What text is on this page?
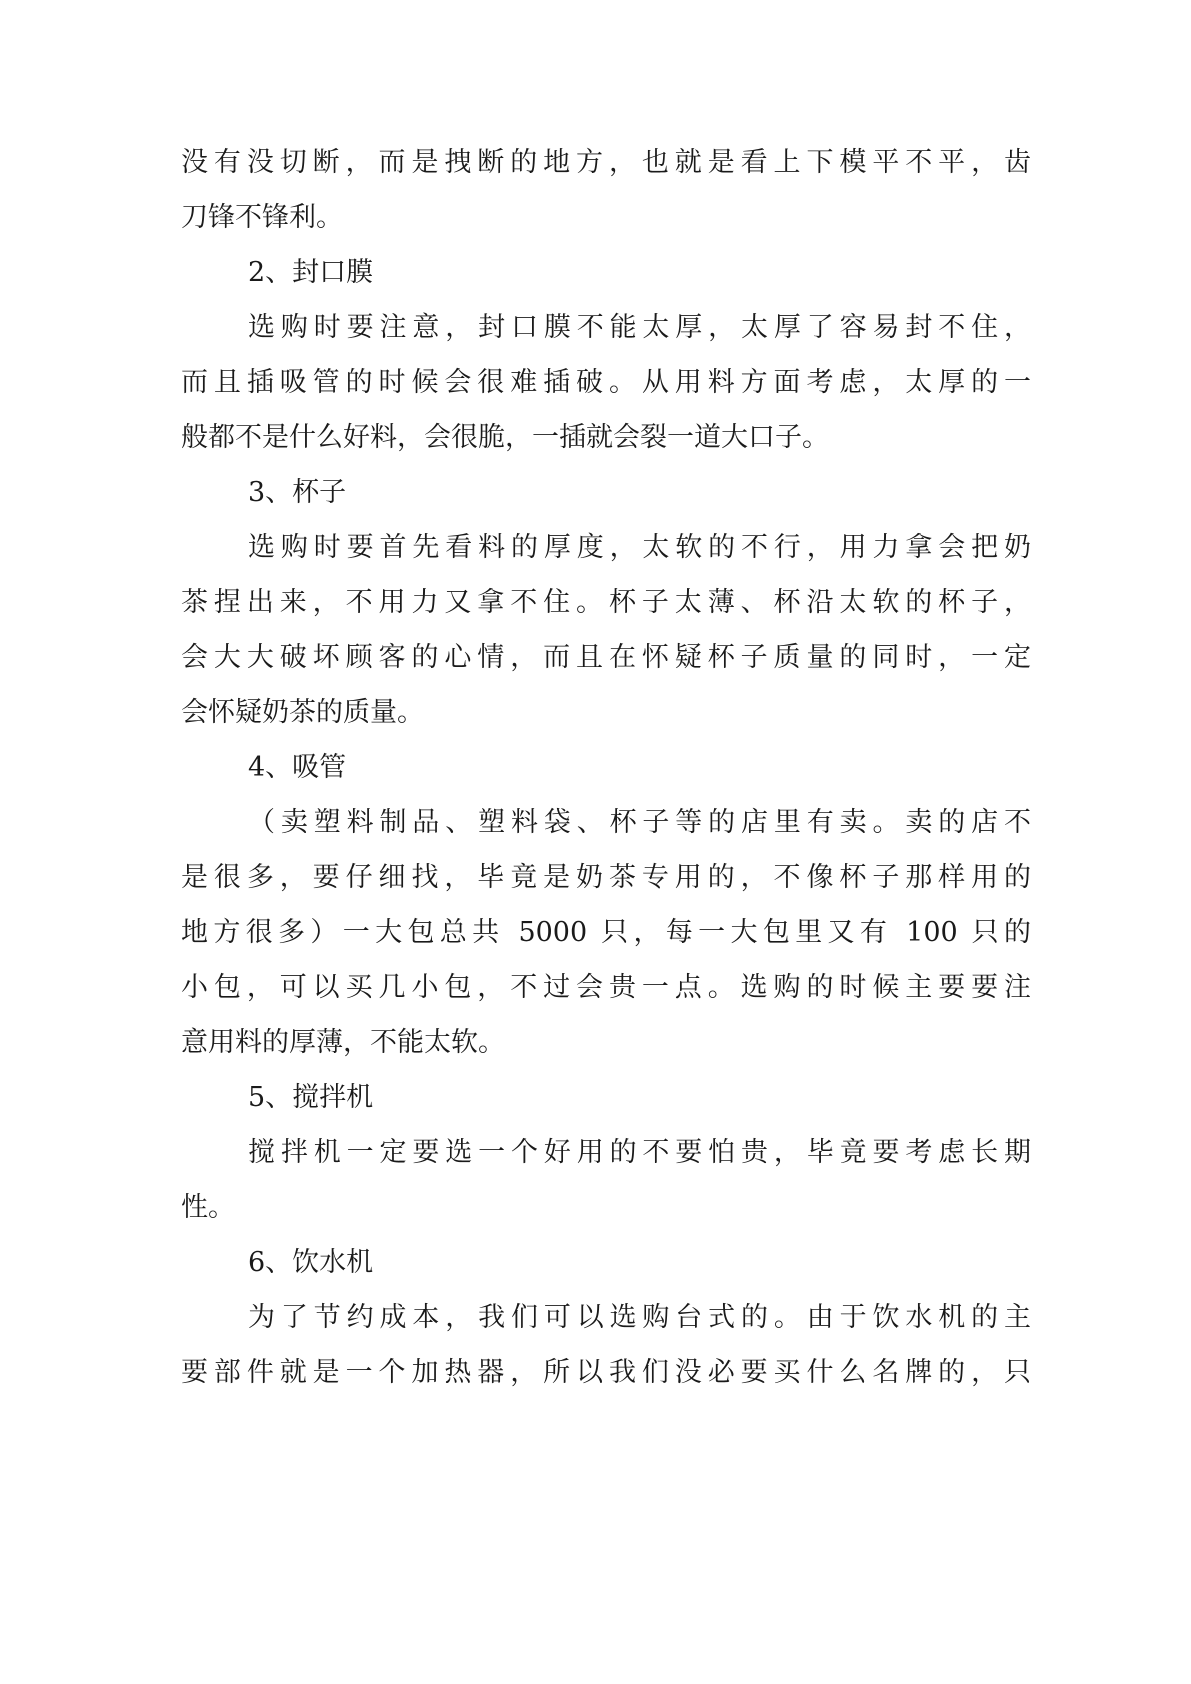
没有没切断，而是拽断的地方，也就是看上下模平不平，齿
刀锋不锋利。
2、封口膜
选购时要注意，封口膜不能太厚，太厚了容易封不住，
而且插吸管的时候会很难插破。从用料方面考虑，太厚的一
般都不是什么好料，会很脆，一插就会裂一道大口子。
3、杯子
选购时要首先看料的厚度，太软的不行，用力拿会把奶
茶捏出来，不用力又拿不住。杯子太薄、杯沿太软的杯子，
会大大破坏顾客的心情，而且在怀疑杯子质量的同时，一定
会怀疑奶茶的质量。
4、吸管
（卖塑料制品、塑料袋、杯子等的店里有卖。卖的店不
是很多，要仔细找，毕竟是奶茶专用的，不像杯子那样用的
地方很多）一大包总共 5000 只，每一大包里又有 100 只的
小包，可以买几小包，不过会贵一点。选购的时候主要要注
意用料的厚薄，不能太软。
5、搅拌机
搅拌机一定要选一个好用的不要怕贵，毕竟要考虑长期
性。
6、饮水机
为了节约成本，我们可以选购台式的。由于饮水机的主
要部件就是一个加热器，所以我们没必要买什么名牌的，只
